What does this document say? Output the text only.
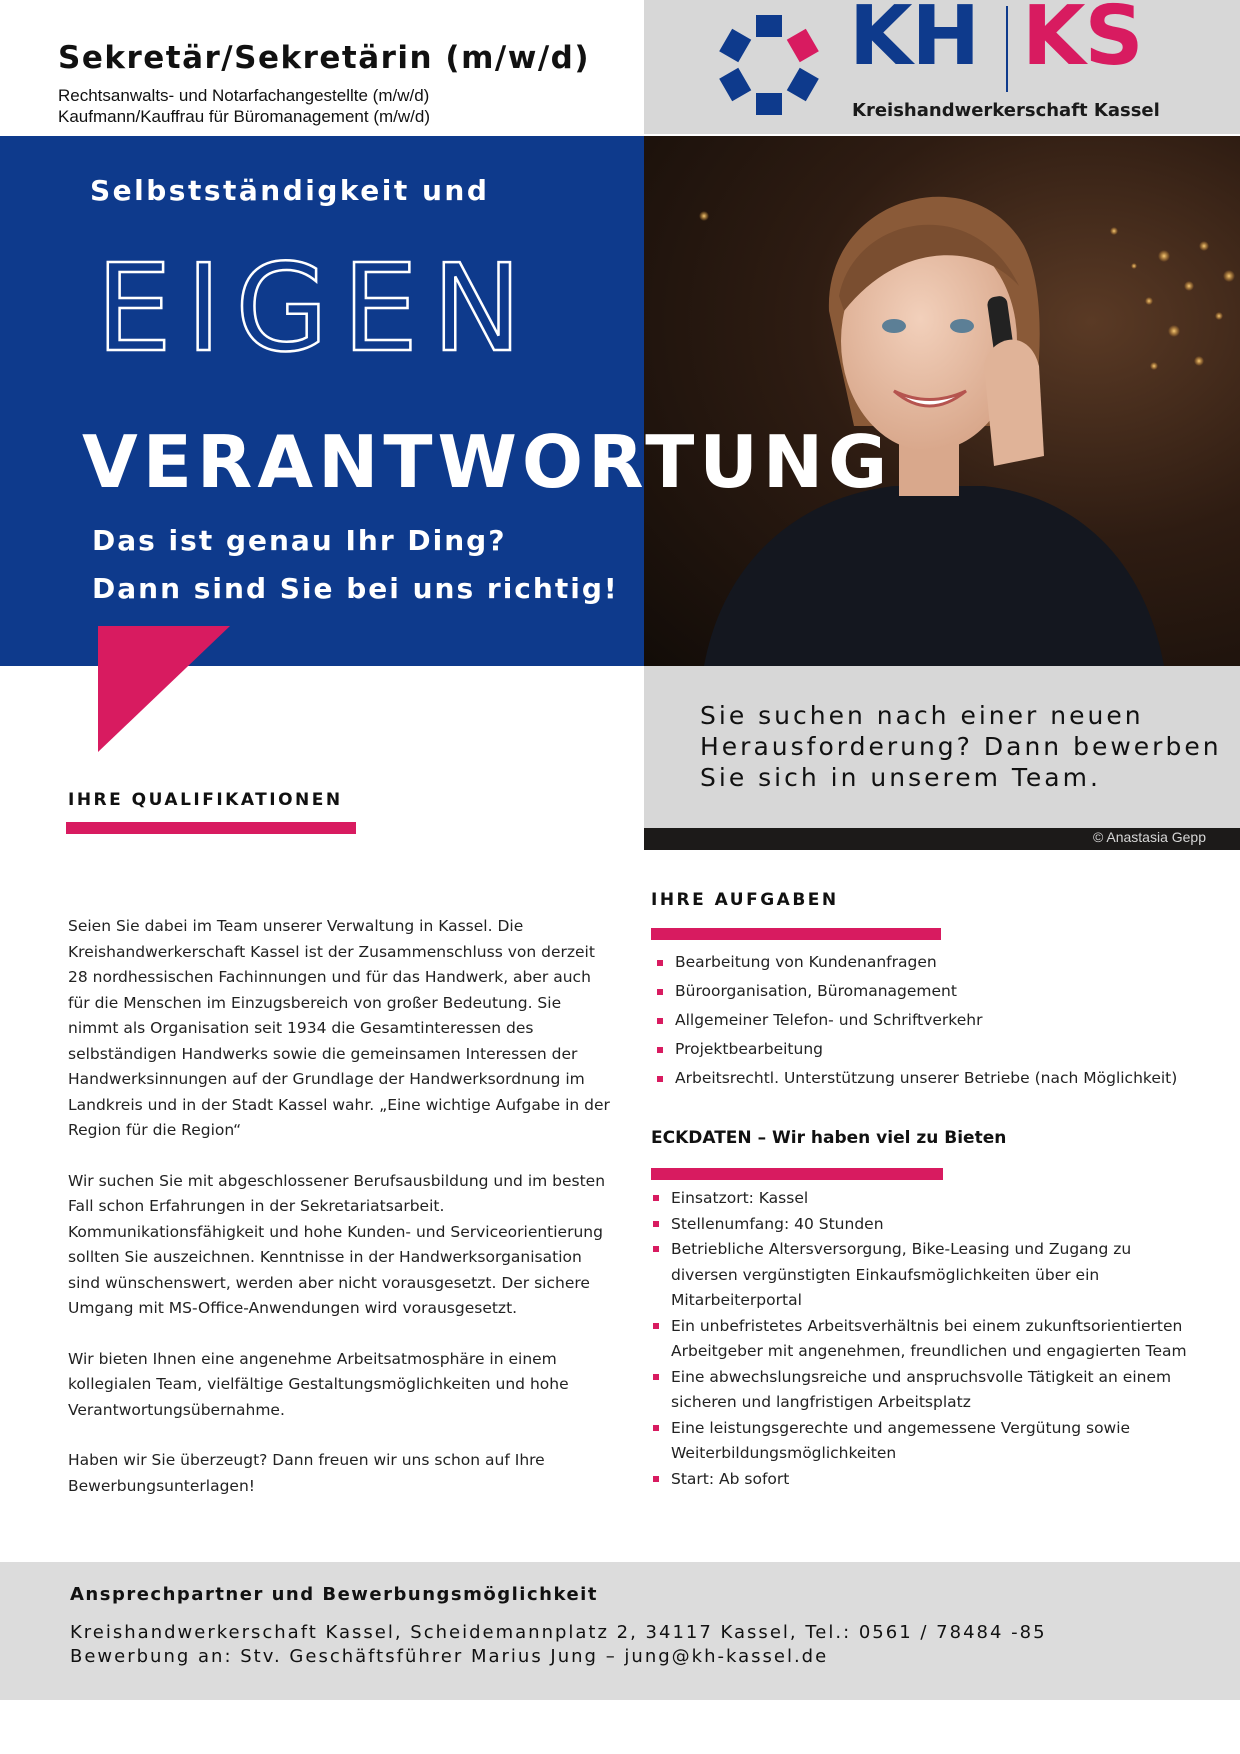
Sekretär/Sekretärin (m/w/d)
Rechtsanwalts- und Notarfachangestellte (m/w/d)
Kaufmann/Kauffrau für Büromanagement (m/w/d)
KH KS
Kreishandwerkerschaft Kassel
Selbstständigkeit und
EIGEN
VERANTWORTUNG
Das ist genau Ihr Ding?
Dann sind Sie bei uns richtig!
Sie suchen nach einer neuen
Herausforderung? Dann bewerben
Sie sich in unserem Team.
© Anastasia Gepp
IHRE QUALIFIKATIONEN

Seien Sie dabei im Team unserer Verwaltung in Kassel. Die Kreishandwerkerschaft Kassel ist der Zusammenschluss von derzeit 28 nordhessischen Fachinnungen und für das Handwerk, aber auch für die Menschen im Einzugsbereich von großer Bedeutung. Sie nimmt als Organisation seit 1934 die Gesamtinteressen des selbständigen Handwerks sowie die gemeinsamen Interessen der Handwerksinnungen auf der Grundlage der Handwerksordnung im Landkreis und in der Stadt Kassel wahr. „Eine wichtige Aufgabe in der Region für die Region“

Wir suchen Sie mit abgeschlossener Berufsausbildung und im besten Fall schon Erfahrungen in der Sekretariatsarbeit. Kommunikationsfähigkeit und hohe Kunden- und Serviceorientierung sollten Sie auszeichnen. Kenntnisse in der Handwerksorganisation sind wünschenswert, werden aber nicht vorausgesetzt. Der sichere Umgang mit MS-Office-Anwendungen wird vorausgesetzt.

Wir bieten Ihnen eine angenehme Arbeitsatmosphäre in einem kollegialen Team, vielfältige Gestaltungsmöglichkeiten und hohe Verantwortungsübernahme.

Haben wir Sie überzeugt? Dann freuen wir uns schon auf Ihre Bewerbungsunterlagen!

IHRE AUFGABEN
Bearbeitung von Kundenanfragen
Büroorganisation, Büromanagement
Allgemeiner Telefon- und Schriftverkehr
Projektbearbeitung
Arbeitsrechtl. Unterstützung unserer Betriebe (nach Möglichkeit)
ECKDATEN – Wir haben viel zu Bieten
Einsatzort: Kassel
Stellenumfang: 40 Stunden
Betriebliche Altersversorgung, Bike-Leasing und Zugang zu diversen vergünstigten Einkaufsmöglichkeiten über ein Mitarbeiterportal
Ein unbefristetes Arbeitsverhältnis bei einem zukunftsorientierten Arbeitgeber mit angenehmen, freundlichen und engagierten Team
Eine abwechslungsreiche und anspruchsvolle Tätigkeit an einem sicheren und langfristigen Arbeitsplatz
Eine leistungsgerechte und angemessene Vergütung sowie Weiterbildungsmöglichkeiten
Start: Ab sofort
Ansprechpartner und Bewerbungsmöglichkeit
Kreishandwerkerschaft Kassel, Scheidemannplatz 2, 34117 Kassel, Tel.: 0561 / 78484 -85
Bewerbung an: Stv. Geschäftsführer Marius Jung – jung@kh-kassel.de
